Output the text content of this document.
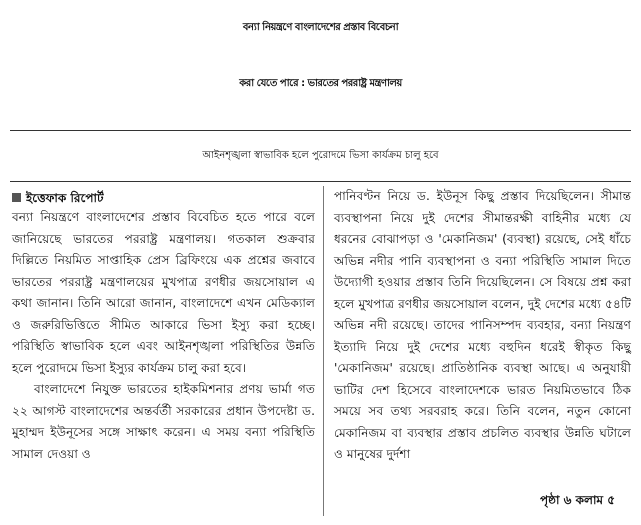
বন্যা নিয়ন্ত্রণে বাংলাদেশের প্রস্তাব বিবেচনা
করা যেতে পারে : ভারতের পররাষ্ট্র মন্ত্রণালয়
আইনশৃঙ্খলা স্বাভাবিক হলে পুরোদমে ভিসা কার্যক্রম চালু হবে
ইত্তেফাক রিপোর্ট

বন্যা নিয়ন্ত্রণে বাংলাদেশের প্রস্তাব বিবেচিত হতে পারে বলে জানিয়েছে ভারতের পররাষ্ট্র মন্ত্রণালয়। গতকাল শুক্রবার দিল্লিতে নিয়মিত সাপ্তাহিক প্রেস ব্রিফিংয়ে এক প্রশ্নের জবাবে ভারতের পররাষ্ট্র মন্ত্রণালয়ের মুখপাত্র রণধীর জয়সোয়াল এ কথা জানান। তিনি আরো জানান, বাংলাদেশে এখন মেডিক্যাল ও জরুরিভিত্তিতে সীমিত আকারে ভিসা ইস্যু করা হচ্ছে। পরিস্থিতি স্বাভাবিক হলে এবং আইনশৃঙ্খলা পরিস্থিতির উন্নতি হলে পুরোদমে ভিসা ইস্যুর কার্যক্রম চালু করা হবে।

বাংলাদেশে নিযুক্ত ভারতের হাইকমিশনার প্রণয় ভার্মা গত ২২ আগস্ট বাংলাদেশের অন্তর্বর্তী সরকারের প্রধান উপদেষ্টা ড. মুহাম্মদ ইউনূসের সঙ্গে সাক্ষাৎ করেন। এ সময় বন্যা পরিস্থিতি সামাল দেওয়া ও

পানিবণ্টন নিয়ে ড. ইউনূস কিছু প্রস্তাব দিয়েছিলেন। সীমান্ত ব্যবস্থাপনা নিয়ে দুই দেশের সীমান্তরক্ষী বাহিনীর মধ্যে যে ধরনের বোঝাপড়া ও 'মেকানিজম' (ব্যবস্থা) রয়েছে, সেই ধাঁচে অভিন্ন নদীর পানি ব্যবস্থাপনা ও বন্যা পরিস্থিতি সামাল দিতে উদ্যোগী হওয়ার প্রস্তাব তিনি দিয়েছিলেন। সে বিষয়ে প্রশ্ন করা হলে মুখপাত্র রণধীর জয়সোয়াল বলেন, দুই দেশের মধ্যে ৫৪টি অভিন্ন নদী রয়েছে। তাদের পানিসম্পদ ব্যবহার, বন্যা নিয়ন্ত্রণ ইত্যাদি নিয়ে দুই দেশের মধ্যে বহুদিন ধরেই স্বীকৃত কিছু 'মেকানিজম' রয়েছে। প্রাতিষ্ঠানিক ব্যবস্থা আছে। এ অনুযায়ী ভাটির দেশ হিসেবে বাংলাদেশকে ভারত নিয়মিতভাবে ঠিক সময়ে সব তথ্য সরবরাহ করে। তিনি বলেন, নতুন কোনো মেকানিজম বা ব্যবস্থার প্রস্তাব প্রচলিত ব্যবস্থার উন্নতি ঘটালে ও মানুষের দুর্দশা

পৃষ্ঠা ৬ কলাম ৫
